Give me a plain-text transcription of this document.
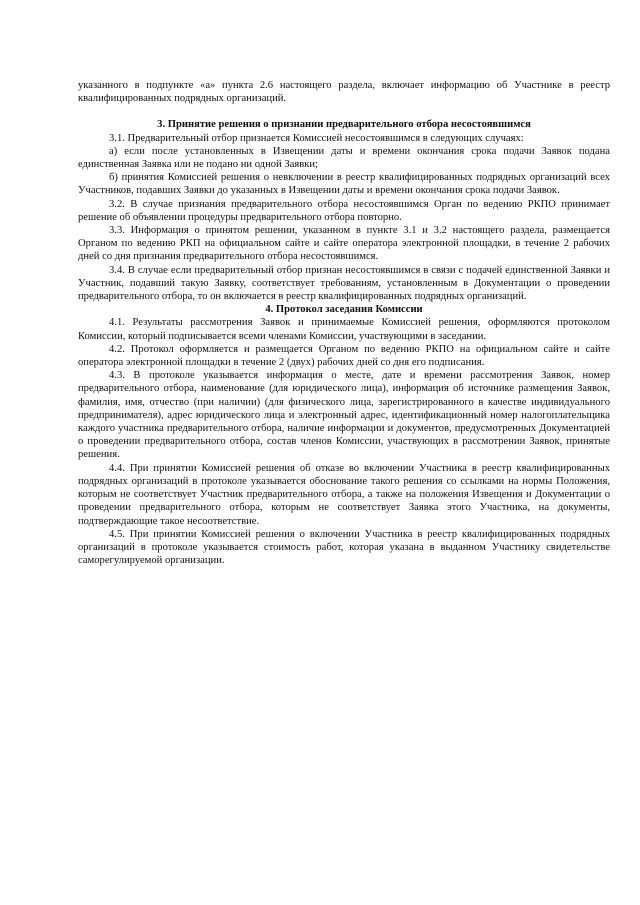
указанного в подпункте «а» пункта 2.6 настоящего раздела, включает информацию об Участнике в реестр квалифицированных подрядных организаций.

3. Принятие решения о признании предварительного отбора несостоявшимся

3.1. Предварительный отбор признается Комиссией несостоявшимся в следующих случаях:

а) если после установленных в Извещении даты и времени окончания срока подачи Заявок подана единственная Заявка или не подано ни одной Заявки;

б) принятия Комиссией решения о невключении в реестр квалифицированных подрядных организаций всех Участников, подавших Заявки до указанных в Извещении даты и времени окончания срока подачи Заявок.

3.2. В случае признания предварительного отбора несостоявшимся Орган по ведению РКПО принимает решение об объявлении процедуры предварительного отбора повторно.

3.3. Информация о принятом решении, указанном в пункте 3.1 и 3.2 настоящего раздела, размещается Органом по ведению РКП на официальном сайте и сайте оператора электронной площадки, в течение 2 рабочих дней со дня признания предварительного отбора несостоявшимся.

3.4. В случае если предварительный отбор признан несостоявшимся в связи с подачей единственной Заявки и Участник, подавший такую Заявку, соответствует требованиям, установленным в Документации о проведении предварительного отбора, то он включается в реестр квалифицированных подрядных организаций.

4. Протокол заседания Комиссии

4.1. Результаты рассмотрения Заявок и принимаемые Комиссией решения, оформляются протоколом Комиссии, который подписывается всеми членами Комиссии, участвующими в заседании.

4.2. Протокол оформляется и размещается Органом по ведению РКПО на официальном сайте и сайте оператора электронной площадки в течение 2 (двух) рабочих дней со дня его подписания.

4.3. В протоколе указывается информация о месте, дате и времени рассмотрения Заявок, номер предварительного отбора, наименование (для юридического лица), информация об источнике размещения Заявок, фамилия, имя, отчество (при наличии) (для физического лица, зарегистрированного в качестве индивидуального предпринимателя), адрес юридического лица и электронный адрес, идентификационный номер налогоплательщика каждого участника предварительного отбора, наличие информации и документов, предусмотренных Документацией о проведении предварительного отбора, состав членов Комиссии, участвующих в рассмотрении Заявок, принятые решения.

4.4. При принятии Комиссией решения об отказе во включении Участника в реестр квалифицированных подрядных организаций в протоколе указывается обоснование такого решения со ссылками на нормы Положения, которым не соответствует Участник предварительного отбора, а также на положения Извещения и Документации о проведении предварительного отбора, которым не соответствует Заявка этого Участника, на документы, подтверждающие такое несоответствие.

4.5. При принятии Комиссией решения о включении Участника в реестр квалифицированных подрядных организаций в протоколе указывается стоимость работ, которая указана в выданном Участнику свидетельстве саморегулируемой организации.
